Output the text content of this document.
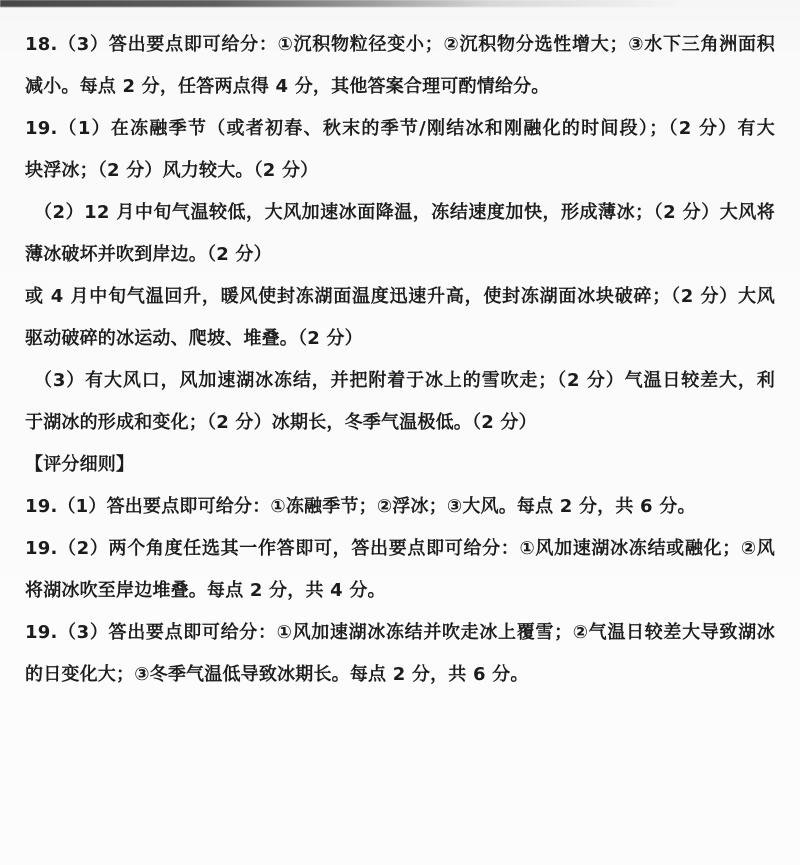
18.（3）答出要点即可给分：①沉积物粒径变小；②沉积物分选性增大；③水下三角洲面积
减小。每点 2 分，任答两点得 4 分，其他答案合理可酌情给分。
19.（1）在冻融季节（或者初春、秋末的季节/刚结冰和刚融化的时间段）；（2 分）有大
块浮冰；（2 分）风力较大。（2 分）
（2）12 月中旬气温较低，大风加速冰面降温，冻结速度加快，形成薄冰；（2 分）大风将
薄冰破坏并吹到岸边。（2 分）
或 4 月中旬气温回升，暖风使封冻湖面温度迅速升高，使封冻湖面冰块破碎；（2 分）大风
驱动破碎的冰运动、爬坡、堆叠。（2 分）
（3）有大风口，风加速湖冰冻结，并把附着于冰上的雪吹走；（2 分）气温日较差大，利
于湖冰的形成和变化；（2 分）冰期长，冬季气温极低。（2 分）
【评分细则】
19.（1）答出要点即可给分：①冻融季节；②浮冰；③大风。每点 2 分，共 6 分。
19.（2）两个角度任选其一作答即可，答出要点即可给分：①风加速湖冰冻结或融化；②风
将湖冰吹至岸边堆叠。每点 2 分，共 4 分。
19.（3）答出要点即可给分：①风加速湖冰冻结并吹走冰上覆雪；②气温日较差大导致湖冰
的日变化大；③冬季气温低导致冰期长。每点 2 分，共 6 分。
